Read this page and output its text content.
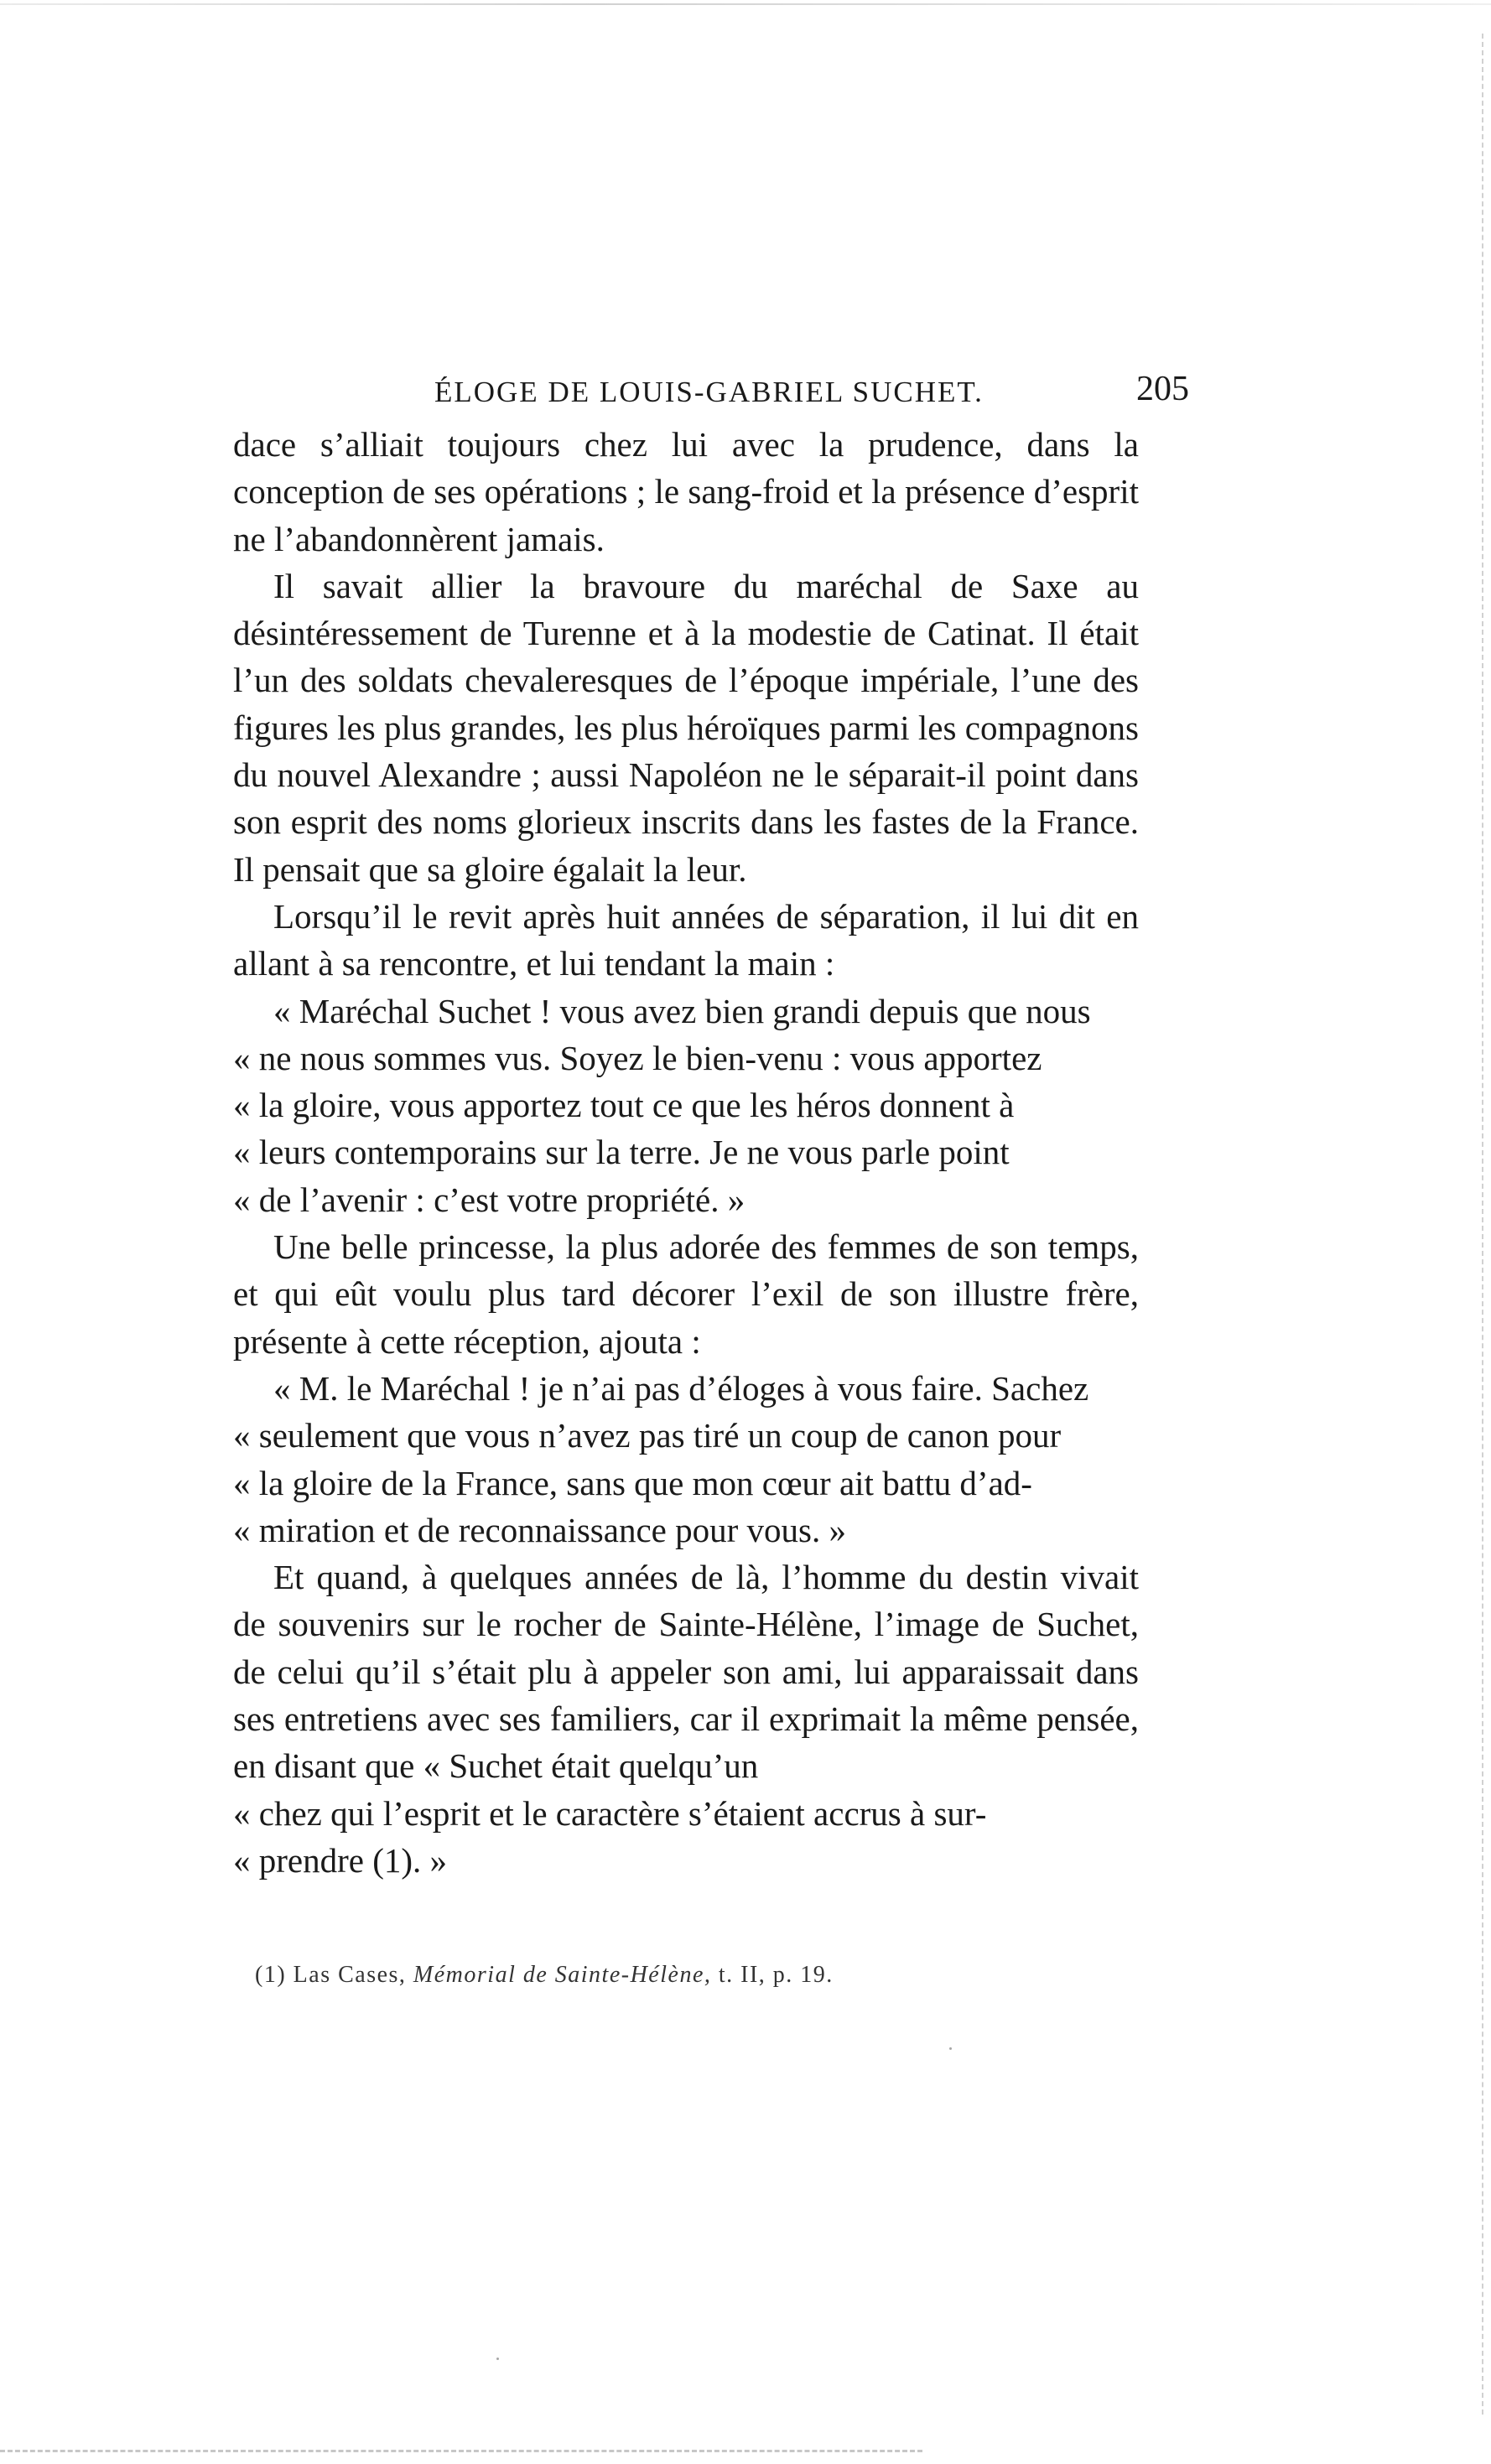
ÉLOGE DE LOUIS-GABRIEL SUCHET.	205

dace s’alliait toujours chez lui avec la prudence, dans la conception de ses opérations ; le sang-froid et la présence d’esprit ne l’abandonnèrent jamais.

Il savait allier la bravoure du maréchal de Saxe au désintéressement de Turenne et à la modestie de Catinat. Il était l’un des soldats chevaleresques de l’époque impériale, l’une des figures les plus grandes, les plus héroïques parmi les compagnons du nouvel Alexandre ; aussi Napoléon ne le séparait-il point dans son esprit des noms glorieux inscrits dans les fastes de la France. Il pensait que sa gloire égalait la leur.

Lorsqu’il le revit après huit années de séparation, il lui dit en allant à sa rencontre, et lui tendant la main :

« Maréchal Suchet ! vous avez bien grandi depuis que nous
« ne nous sommes vus. Soyez le bien-venu : vous apportez
« la gloire, vous apportez tout ce que les héros donnent à
« leurs contemporains sur la terre. Je ne vous parle point
« de l’avenir : c’est votre propriété. »

Une belle princesse, la plus adorée des femmes de son temps, et qui eût voulu plus tard décorer l’exil de son illustre frère, présente à cette réception, ajouta :

« M. le Maréchal ! je n’ai pas d’éloges à vous faire. Sachez
« seulement que vous n’avez pas tiré un coup de canon pour
« la gloire de la France, sans que mon cœur ait battu d’ad-
« miration et de reconnaissance pour vous. »

Et quand, à quelques années de là, l’homme du destin vivait de souvenirs sur le rocher de Sainte-Hélène, l’image de Suchet, de celui qu’il s’était plu à appeler son ami, lui apparaissait dans ses entretiens avec ses familiers, car il exprimait la même pensée, en disant que « Suchet était quelqu’un

« chez qui l’esprit et le caractère s’étaient accrus à sur-
« prendre (1). »
(1) Las Cases, Mémorial de Sainte-Hélène, t. II, p. 19.
